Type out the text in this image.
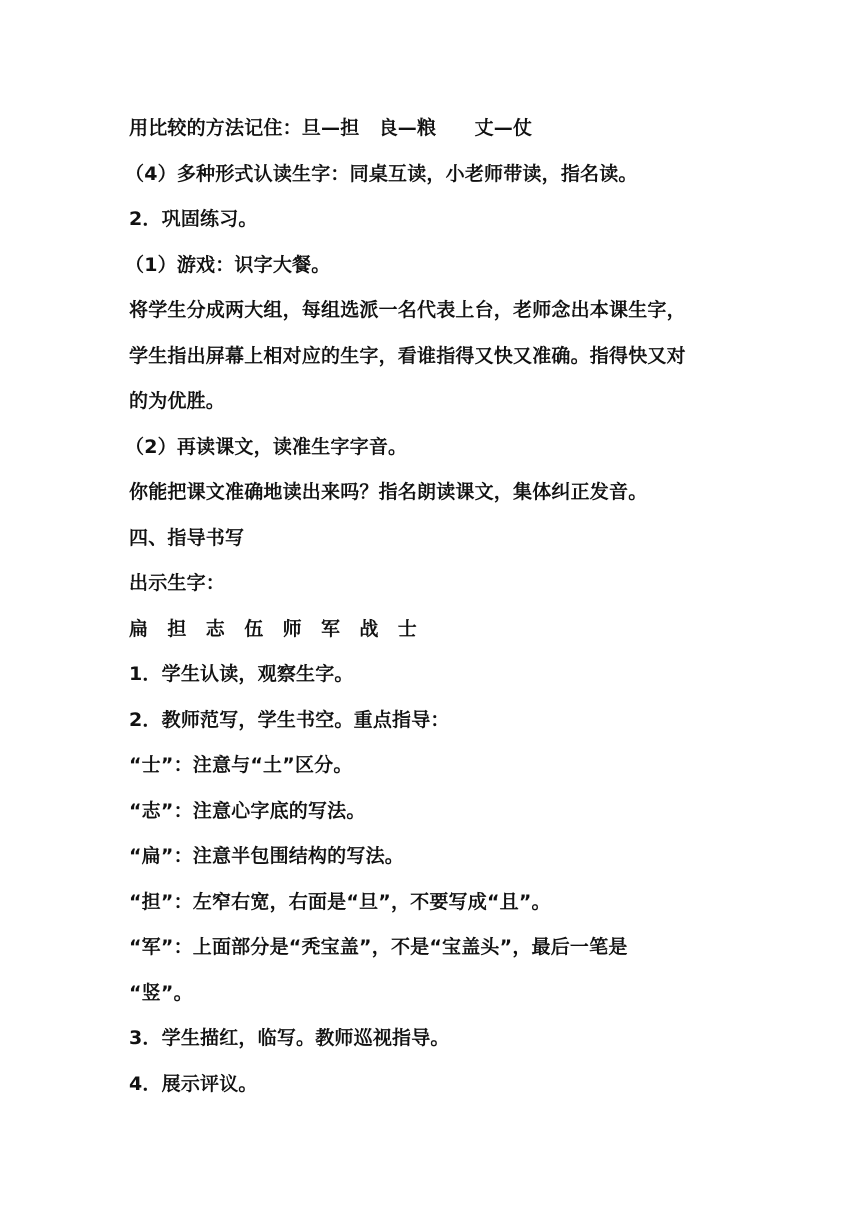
用比较的方法记住：旦—担　良—粮　　丈—仗
（4）多种形式认读生字：同桌互读，小老师带读，指名读。
2．巩固练习。
（1）游戏：识字大餐。
将学生分成两大组，每组选派一名代表上台，老师念出本课生字，
学生指出屏幕上相对应的生字，看谁指得又快又准确。指得快又对
的为优胜。
（2）再读课文，读准生字字音。
你能把课文准确地读出来吗？指名朗读课文，集体纠正发音。
四、指导书写
出示生字：
扁　担　志　伍　师　军　战　士
1．学生认读，观察生字。
2．教师范写，学生书空。重点指导：
“士”：注意与“土”区分。
“志”：注意心字底的写法。
“扁”：注意半包围结构的写法。
“担”：左窄右宽，右面是“旦”，不要写成“且”。
“军”：上面部分是“秃宝盖”，不是“宝盖头”，最后一笔是
“竖”。
3．学生描红，临写。教师巡视指导。
4．展示评议。
